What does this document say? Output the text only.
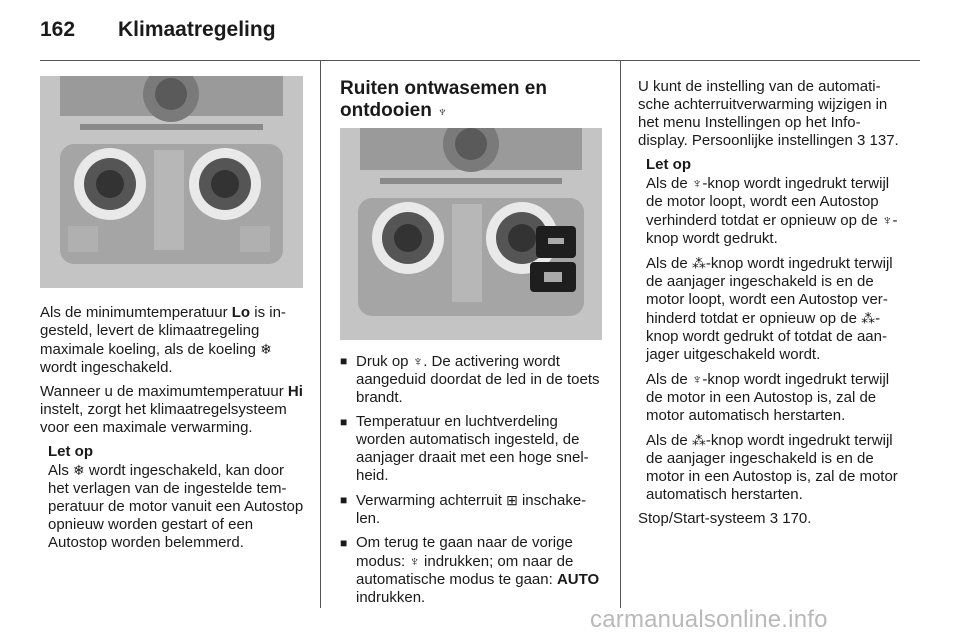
162 Klimaatregeling

Als de minimumtemperatuur Lo is ingesteld, levert de klimaatregeling maximale koeling, als de koeling ❄ wordt ingeschakeld.

Wanneer u de maximumtemperatuur Hi instelt, zorgt het klimaatregelsysteem voor een maximale verwarming.

Let op
Als ❄ wordt ingeschakeld, kan door het verlagen van de ingestelde temperatuur de motor vanuit een Autostop opnieuw worden gestart of een Autostop worden belemmerd.
Ruiten ontwasemen en ontdooien ♆
■ Druk op ♆. De activering wordt aangeduid doordat de led in de toets brandt.
■ Temperatuur en luchtverdeling worden automatisch ingesteld, de aanjager draait met een hoge snelheid.
■ Verwarming achterruit ⊞ inschakelen.
■ Om terug te gaan naar de vorige modus: ♆ indrukken; om naar de automatische modus te gaan: AUTO indrukken.

U kunt de instelling van de automatische achterruitverwarming wijzigen in het menu Instellingen op het Info-display. Persoonlijke instellingen 3 137.

Let op

Als de ♆-knop wordt ingedrukt terwijl de motor loopt, wordt een Autostop verhinderd totdat er opnieuw op de ♆-knop wordt gedrukt.

Als de ⁂-knop wordt ingedrukt terwijl de aanjager ingeschakeld is en de motor loopt, wordt een Autostop verhinderd totdat er opnieuw op de ⁂-knop wordt gedrukt of totdat de aanjager uitgeschakeld wordt.

Als de ♆-knop wordt ingedrukt terwijl de motor in een Autostop is, zal de motor automatisch herstarten.

Als de ⁂-knop wordt ingedrukt terwijl de aanjager ingeschakeld is en de motor in een Autostop is, zal de motor automatisch herstarten.

Stop/Start-systeem 3 170.

carmanualsonline.info
